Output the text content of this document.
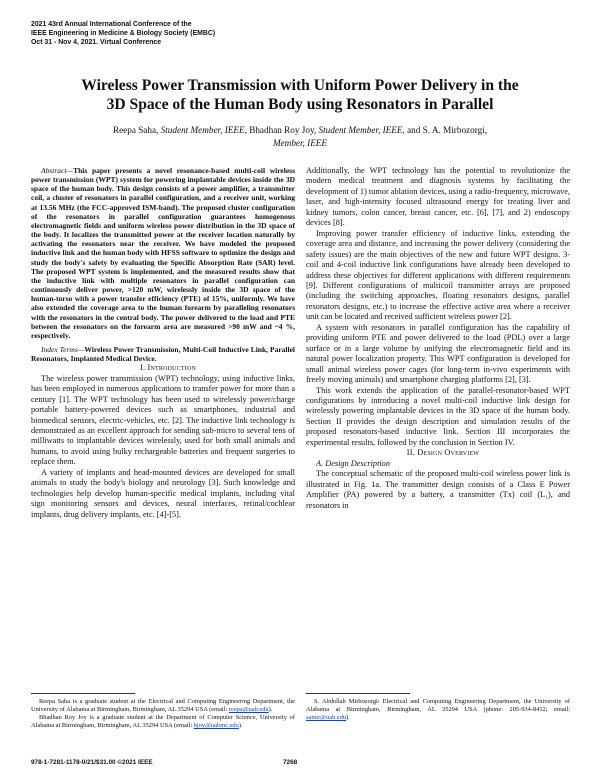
2021 43rd Annual International Conference of the
IEEE Engineering in Medicine & Biology Society (EMBC)
Oct 31 - Nov 4, 2021. Virtual Conference
Wireless Power Transmission with Uniform Power Delivery in the
3D Space of the Human Body using Resonators in Parallel
Reepa Saha, Student Member, IEEE, Bhadhan Roy Joy, Student Member, IEEE, and S. A. Mirbozorgi,
Member, IEEE

Abstract—This paper presents a novel resonance-based multi-coil wireless power transmission (WPT) system for powering implantable devices inside the 3D space of the human body. This design consists of a power amplifier, a transmitter coil, a cluster of resonators in parallel configuration, and a receiver unit, working at 13.56 MHz (the FCC-approved ISM-band). The proposed cluster configuration of the resonators in parallel configuration guarantees homogenous electromagnetic fields and uniform wireless power distribution in the 3D space of the body. It localizes the transmitted power at the receiver location naturally by activating the resonators near the receiver. We have modeled the proposed inductive link and the human body with HFSS software to optimize the design and study the body's safety by evaluating the Specific Absorption Rate (SAR) level. The proposed WPT system is implemented, and the measured results show that the inductive link with multiple resonators in parallel configuration can continuously deliver power, >120 mW, wirelessly inside the 3D space of the human-torso with a power transfer efficiency (PTE) of 15%, uniformly. We have also extended the coverage area to the human forearm by paralleling resonators with the resonators in the central body. The power delivered to the load and PTE between the resonators on the forearm area are measured >90 mW and ~4 %, respectively.

Index Terms—Wireless Power Transmission, Multi-Coil Inductive Link, Parallel Resonators, Implanted Medical Device.

I. Introduction

The wireless power transmission (WPT) technology, using inductive links, has been employed in numerous applications to transfer power for more than a century [1]. The WPT technology has been used to wirelessly power/charge portable battery-powered devices such as smartphones, industrial and biomedical sensors, electric-vehicles, etc. [2]. The inductive link technology is demonstrated as an excellent approach for sending sub-micro to several tens of milliwatts to implantable devices wirelessly, used for both small animals and humans, to avoid using bulky rechargeable batteries and frequent surgeries to replace them.

A variety of implants and head-mounted devices are developed for small animals to study the body's biology and neurology [3]. Such knowledge and technologies help develop human-specific medical implants, including vital sign monitoring sensors and devices, neural interfaces, retinal/cochlear implants, drug delivery implants, etc. [4]-[5].

Additionally, the WPT technology has the potential to revolutionize the modern medical treatment and diagnosis systems by facilitating the development of 1) tumor ablation devices, using a radio-frequency, microwave, laser, and high-intensity focused ultrasound energy for treating liver and kidney tumors, colon cancer, breast cancer, etc. [6], [7], and 2) endoscopy devices [8].

Improving power transfer efficiency of inductive links, extending the coverage area and distance, and increasing the power delivery (considering the safety issues) are the main objectives of the new and future WPT designs. 3-coil and 4-coil inductive link configurations have already been developed to address these objectives for different applications with different requirements [9]. Different configurations of multicoil transmitter arrays are proposed (including the switching approaches, floating resonators designs, parallel resonators designs, etc.) to increase the effective active area where a receiver unit can be located and received sufficient wireless power [2].

A system with resonators in parallel configuration has the capability of providing uniform PTE and power delivered to the load (PDL) over a large surface or in a large volume by unifying the electromagnetic field and its natural power localization property. This WPT configuration is developed for small animal wireless power cages (for long-term in-vivo experiments with freely moving animals) and smartphone charging platforms [2], [3].

This work extends the application of the parallel-resonator-based WPT configurations by introducing a novel multi-coil inductive link design for wirelessly powering implantable devices in the 3D space of the human body. Section II provides the design description and simulation results of the proposed resonators-based inductive link. Section III incorporates the experimental results, followed by the conclusion in Section IV.

II. Design Overview

A. Design Description

The conceptual schematic of the proposed multi-coil wireless power link is illustrated in Fig. 1a. The transmitter design consists of a Class E Power Amplifier (PA) powered by a battery, a transmitter (Tx) coil (L₁), and resonators in

Reepa Saha is a graduate student at the Electrical and Computing Engineering Department, the University of Alabama at Birmingham, Birmingham, AL 35294 USA (email: reepa@uab.edu).

Bhadhan Roy Joy is a graduate student at the Department of Computer Science, University of Alabama at Birmingham, Birmingham, AL 35294 USA (email: bjoy@uabmc.edu).

S. Abdollah Mirbozorgi: Electrical and Computing Engineering Department, the University of Alabama at Birmingham, Birmingham, AL 35294 USA (phone: 205-934-8412; email: samir@uab.edu).

978-1-7281-1178-0/21/$31.00 ©2021 IEEE	7268
